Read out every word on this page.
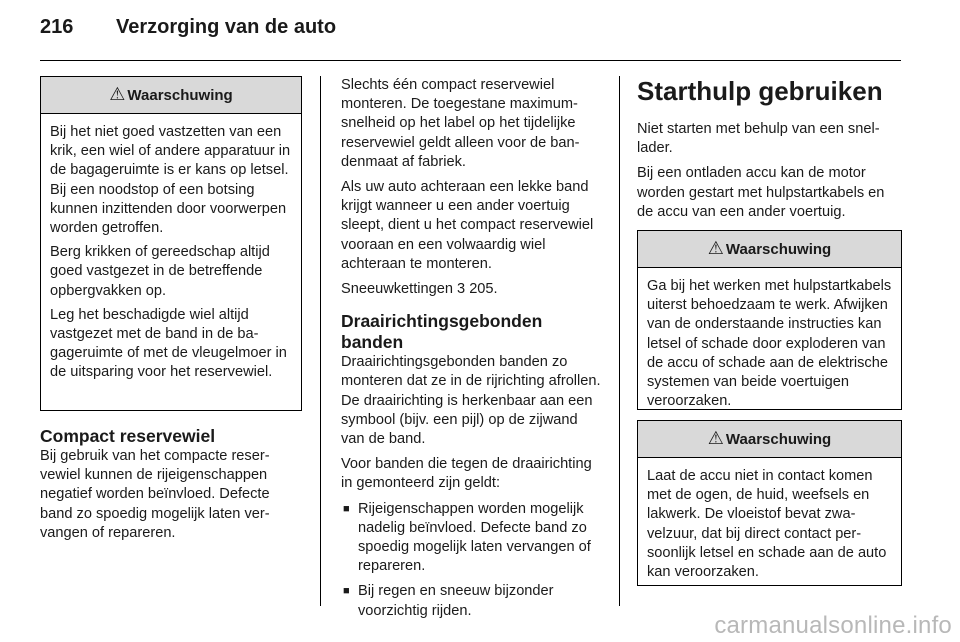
216 Verzorging van de auto
⚠ Waarschuwing

Bij het niet goed vastzetten van een krik, een wiel of andere apparatuur in de bagageruimte is er kans op letsel. Bij een noodstop of een botsing kunnen inzittenden door voorwerpen worden getroffen.

Berg krikken of gereedschap altijd goed vastgezet in de betreffende opbergvakken op.

Leg het beschadigde wiel altijd vastgezet met de band in de bagageruimte of met de vleugelmoer in de uitsparing voor het reservewiel.

Compact reservewiel

Bij gebruik van het compacte reservewiel kunnen de rijeigenschappen negatief worden beïnvloed. Defecte band zo spoedig mogelijk laten vervangen of repareren.

Slechts één compact reservewiel monteren. De toegestane maximumsnelheid op het label op het tijdelijke reservewiel geldt alleen voor de bandenmaat af fabriek.

Als uw auto achteraan een lekke band krijgt wanneer u een ander voertuig sleept, dient u het compact reservewiel vooraan en een volwaardig wiel achteraan te monteren.

Sneeuwkettingen 3 205.

Draairichtingsgebonden banden

Draairichtingsgebonden banden zo monteren dat ze in de rijrichting afrollen. De draairichting is herkenbaar aan een symbool (bijv. een pijl) op de zijwand van de band.

Voor banden die tegen de draairichting in gemonteerd zijn geldt:

■ Rijeigenschappen worden mogelijk nadelig beïnvloed. Defecte band zo spoedig mogelijk laten vervangen of repareren.
■ Bij regen en sneeuw bijzonder voorzichtig rijden.
Starthulp gebruiken

Niet starten met behulp van een snellader.

Bij een ontladen accu kan de motor worden gestart met hulpstartkabels en de accu van een ander voertuig.

⚠ Waarschuwing

Ga bij het werken met hulpstartkabels uiterst behoedzaam te werk. Afwijken van de onderstaande instructies kan letsel of schade door exploderen van de accu of schade aan de elektrische systemen van beide voertuigen veroorzaken.

⚠ Waarschuwing

Laat de accu niet in contact komen met de ogen, de huid, weefsels en lakwerk. De vloeistof bevat zwavelzuur, dat bij direct contact persoonlijk letsel en schade aan de auto kan veroorzaken.

carmanualsonline.info
